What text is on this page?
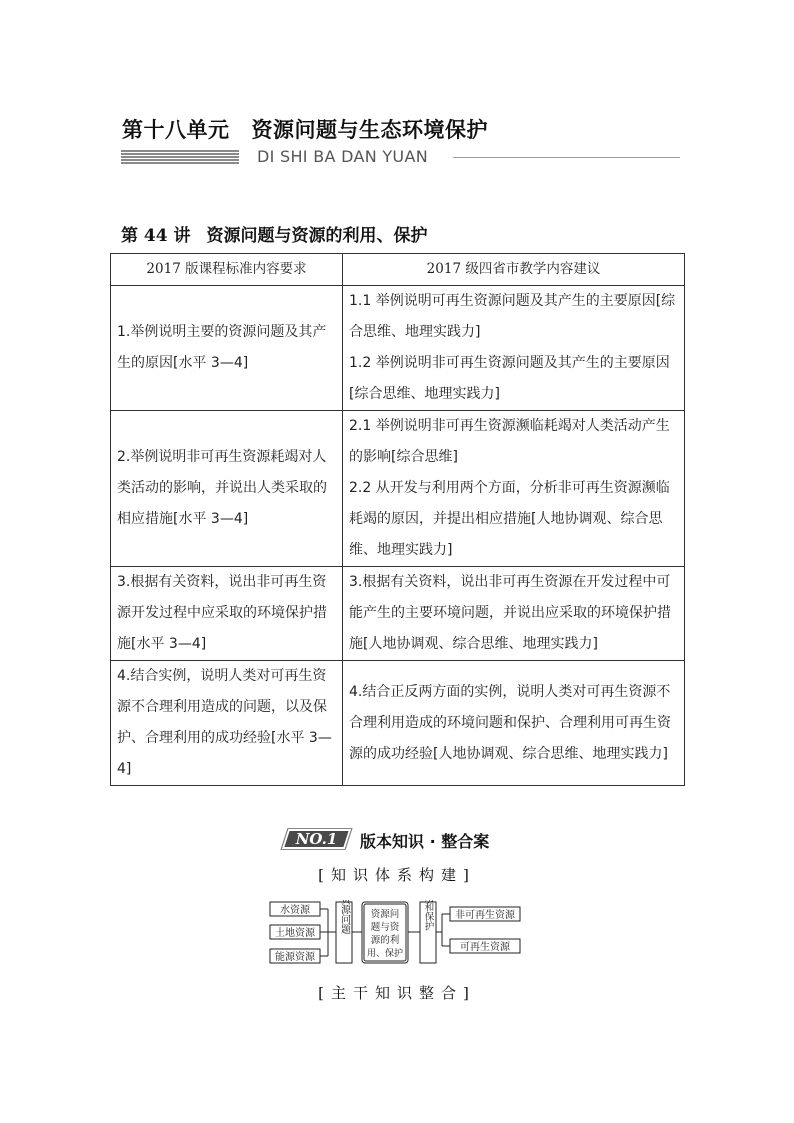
第十八单元 资源问题与生态环境保护
DI SHI BA DAN YUAN
第 44 讲 资源问题与资源的利用、保护
2017 版课程标准内容要求	2017 级四省市教学内容建议

1.举例说明主要的资源问题及其产生的原因[水平 3—4]	1.1 举例说明可再生资源问题及其产生的主要原因[综合思维、地理实践力]

1.2 举例说明非可再生资源问题及其产生的主要原因[综合思维、地理实践力]

2.举例说明非可再生资源耗竭对人类活动的影响，并说出人类采取的相应措施[水平 3—4]	2.1 举例说明非可再生资源濒临耗竭对人类活动产生的影响[综合思维]

2.2 从开发与利用两个方面，分析非可再生资源濒临耗竭的原因，并提出相应措施[人地协调观、综合思维、地理实践力]

3.根据有关资料，说出非可再生资源开发过程中应采取的环境保护措施[水平 3—4]	3.根据有关资料，说出非可再生资源在开发过程中可能产生的主要环境问题，并说出应采取的环境保护措施[人地协调观、综合思维、地理实践力]

4.结合实例，说明人类对可再生资源不合理利用造成的问题，以及保护、合理利用的成功经验[水平 3—4]	4.结合正反两方面的实例，说明人类对可再生资源不合理利用造成的环境问题和保护、合理利用可再生资源的成功经验[人地协调观、综合思维、地理实践力]

NO.1	版本知识 · 整合案
[知识体系构建]
水资源
土地资源
能源资源
资源问题 资源问
题与资
源的利
用、保护
利用和保护 非可再生资源
可再生资源
[主干知识整合]
